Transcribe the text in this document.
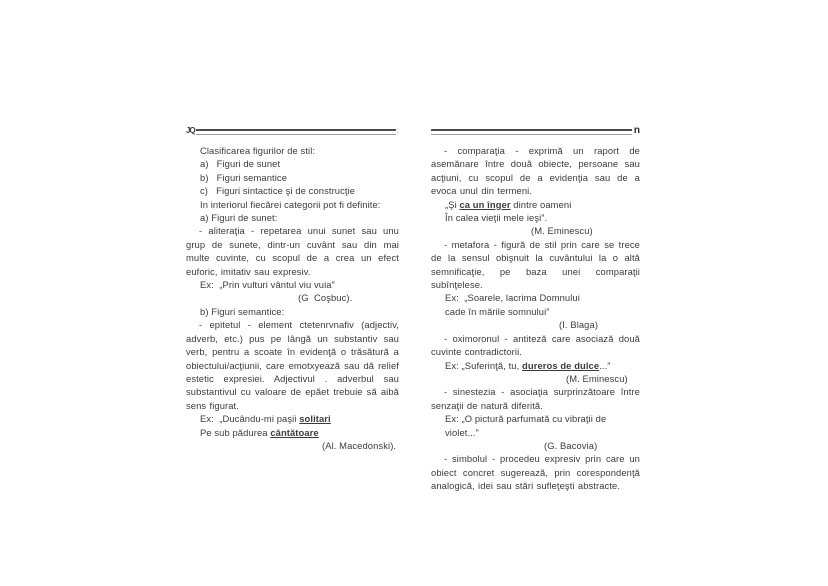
JQ	:
Clasificarea figurilor de stil:
a)   Figuri de sunet
b)   Figuri semantice
c)   Figuri sintactice şi de construcţie
In interiorul fiecărei categorii pot fi definite:
a) Figuri de sunet:
- aliteraţia - repetarea unui sunet sau unu grup de sunete, dintr-un cuvânt sau din mai multe cuvinte, cu scopul de a crea un efect euforic, imitativ sau expresiv.
Ex:  „Prin vulturi vântul viu vuia”
(G  Coşbuc).
b) Figuri semantice:
- epitetul - element ctetenrvnafiv (adjectiv, adverb, etc.) pus pe lângă un substantiv sau verb, pentru a scoate în evidenţă o trăsătură a obiectului/acţiunii, care emotxyează sau dă relief estetic expresiei. Adjectivul . adverbul sau substantivul cu valoare de epăet trebuie să aibă sens figurat.
Ex:  „Ducându-mi paşii solitari
Pe sub pădurea cântătoare
(Al. Macedonski).
n
- comparaţia - exprimă un raport de asemănare între două obiecte, persoane sau acţiuni, cu scopul de a evidenţia sau de a evoca unul din termeni.
„Şi ca un înger dintre oameni
În calea vieţii mele ieşi”.
(M. Eminescu)
- metafora - figură de stil prin care se trece de la sensul obişnuit la cuvântului la o altă semnificaţie, pe baza unei comparaţii subînţelese.
Ex:  „Soarele, lacrima Domnului
cade în mările somnului”
(I. Blaga)
- oximoronul - antiteză care asociază două cuvinte contradictorii.
Ex: „Suferinţă, tu, dureros de dulce...”
(M. Eminescu)
- sinestezia - asociaţia surprinzătoare între senzaţii de natură diferită.
Ex: „O pictură parfumată cu vibraţii de violet...”
(G. Bacovia)
- simbolul - procedeu expresiv prin care un obiect concret sugerează, prin corespondenţă analogică, idei sau stări sufleţeşti abstracte.
